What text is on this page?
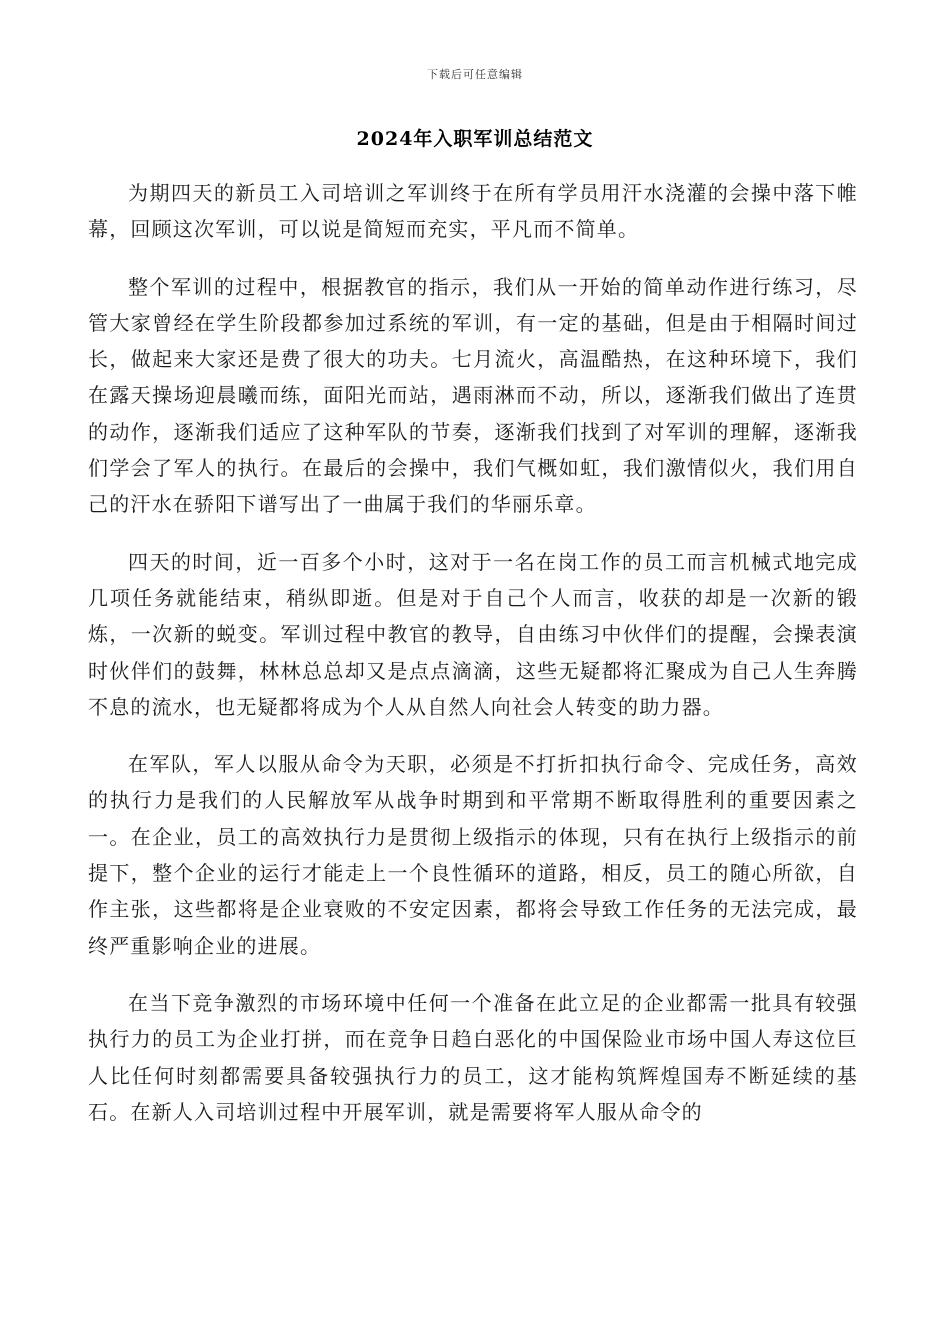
下载后可任意编辑
2024年入职军训总结范文

为期四天的新员工入司培训之军训终于在所有学员用汗水浇灌的会操中落下帷幕，回顾这次军训，可以说是简短而充实，平凡而不简单。

整个军训的过程中，根据教官的指示，我们从一开始的简单动作进行练习，尽管大家曾经在学生阶段都参加过系统的军训，有一定的基础，但是由于相隔时间过长，做起来大家还是费了很大的功夫。七月流火，高温酷热，在这种环境下，我们在露天操场迎晨曦而练，面阳光而站，遇雨淋而不动，所以，逐渐我们做出了连贯的动作，逐渐我们适应了这种军队的节奏，逐渐我们找到了对军训的理解，逐渐我们学会了军人的执行。在最后的会操中，我们气概如虹，我们激情似火，我们用自己的汗水在骄阳下谱写出了一曲属于我们的华丽乐章。

四天的时间，近一百多个小时，这对于一名在岗工作的员工而言机械式地完成几项任务就能结束，稍纵即逝。但是对于自己个人而言，收获的却是一次新的锻炼，一次新的蜕变。军训过程中教官的教导，自由练习中伙伴们的提醒，会操表演时伙伴们的鼓舞，林林总总却又是点点滴滴，这些无疑都将汇聚成为自己人生奔腾不息的流水，也无疑都将成为个人从自然人向社会人转变的助力器。

在军队，军人以服从命令为天职，必须是不打折扣执行命令、完成任务，高效的执行力是我们的人民解放军从战争时期到和平常期不断取得胜利的重要因素之一。在企业，员工的高效执行力是贯彻上级指示的体现，只有在执行上级指示的前提下，整个企业的运行才能走上一个良性循环的道路，相反，员工的随心所欲，自作主张，这些都将是企业衰败的不安定因素，都将会导致工作任务的无法完成，最终严重影响企业的进展。

在当下竞争激烈的市场环境中任何一个准备在此立足的企业都需一批具有较强执行力的员工为企业打拼，而在竞争日趋白恶化的中国保险业市场中国人寿这位巨人比任何时刻都需要具备较强执行力的员工，这才能构筑辉煌国寿不断延续的基石。在新人入司培训过程中开展军训，就是需要将军人服从命令的
